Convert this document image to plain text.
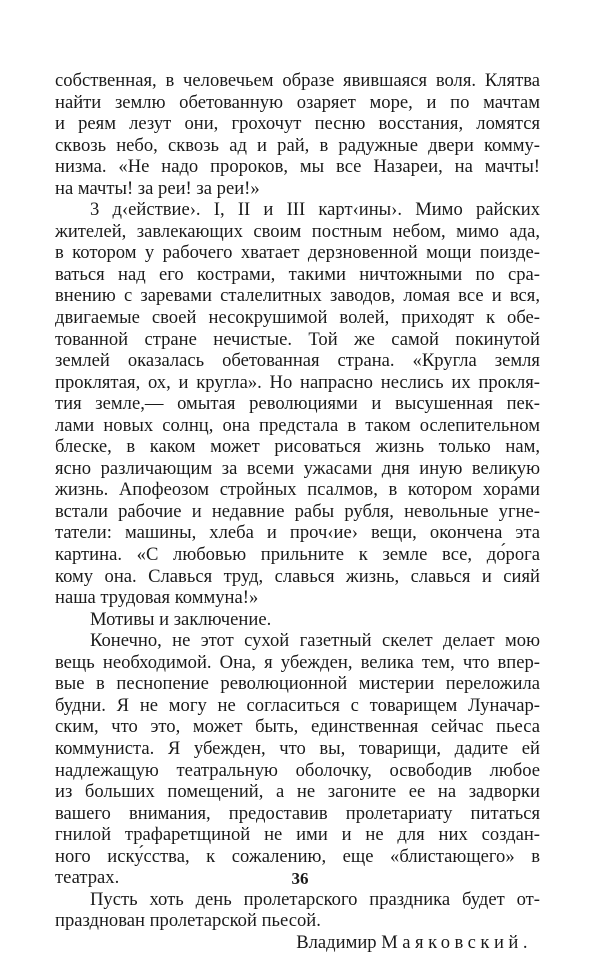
собственная, в человечьем образе явившаяся воля. Клятва
найти землю обетованную озаряет море, и по мачтам
и реям лезут они, грохочут песню восстания, ломятся
сквозь небо, сквозь ад и рай, в радужные двери комму-
низма. «Не надо пророков, мы все Назареи, на мачты!
на мачты! за реи! за реи!»
3 д‹ействие›. I, II и III карт‹ины›. Мимо райских
жителей, завлекающих своим постным небом, мимо ада,
в котором у рабочего хватает дерзновенной мощи поизде-
ваться над его кострами, такими ничтожными по сра-
внению с заревами сталелитных заводов, ломая все и вся,
двигаемые своей несокрушимой волей, приходят к обе-
тованной стране нечистые. Той же самой покинутой
землей оказалась обетованная страна. «Кругла земля
проклятая, ох, и кругла». Но напрасно неслись их прокля-
тия земле,— омытая революциями и высушенная пек-
лами новых солнц, она предстала в таком ослепительном
блеске, в каком может рисоваться жизнь только нам,
ясно различающим за всеми ужасами дня иную великую
жизнь. Апофеозом стройных псалмов, в котором хора́ми
встали рабочие и недавние рабы рубля, невольные угне-
татели: машины, хлеба и проч‹ие› вещи, окончена эта
картина. «С любовью прильните к земле все, до́рога
кому она. Славься труд, славься жизнь, славься и сияй
наша трудовая коммуна!»
Мотивы и заключение.
Конечно, не этот сухой газетный скелет делает мою
вещь необходимой. Она, я убежден, велика тем, что впер-
вые в песнопение революционной мистерии переложила
будни. Я не могу не согласиться с товарищем Луначар-
ским, что это, может быть, единственная сейчас пьеса
коммуниста. Я убежден, что вы, товарищи, дадите ей
надлежащую театральную оболочку, освободив любое
из больших помещений, а не загоните ее на задворки
вашего внимания, предоставив пролетариату питаться
гнилой трафаретщиной не ими и не для них создан-
ного иску́сства, к сожалению, еще «блистающего» в
театрах.
Пусть хоть день пролетарского праздника будет от-
празднован пролетарской пьесой.
Владимир Маяковский.
36
